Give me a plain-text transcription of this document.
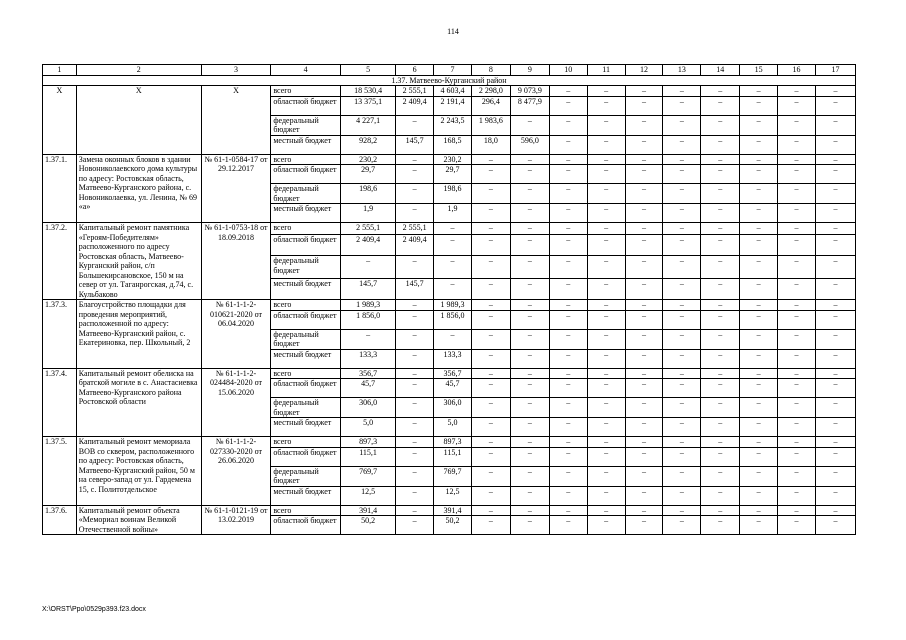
114
1	2	3	4	5	6	7	8	9	10	11	12	13	14	15	16	17
1.37. Матвеево-Курганский район																
X	X	X	всего	18 530,4	2 555,1	4 603,4	2 298,0	9 073,9	–	–	–	–	–	–	–	–
			областной бюджет	13 375,1	2 409,4	2 191,4	296,4	8 477,9	–	–	–	–	–	–	–	–
			федеральный бюджет	4 227,1	–	2 243,5	1 983,6	–	–	–	–	–	–	–	–	–
			местный бюджет	928,2	145,7	168,5	18,0	596,0	–	–	–	–	–	–	–	–
1.37.1.	Замена оконных блоков в здании Новониколаевского дома культуры по адресу: Ростовская область, Матвеево-Курганского района, с. Новониколаевка, ул. Ленина, № 69 «а»	№ 61-1-0584-17 от 29.12.2017	всего	230,2	–	230,2	–	–	–	–	–	–	–	–	–	–
			областной бюджет	29,7	–	29,7	–	–	–	–	–	–	–	–	–	–
			федеральный бюджет	198,6	–	198,6	–	–	–	–	–	–	–	–	–	–
			местный бюджет	1,9	–	1,9	–	–	–	–	–	–	–	–	–	–
1.37.2.	Капитальный ремонт памятника «Героям-Победителям» расположенного по адресу Ростовская область, Матвеево-Курганский район, с/п Большекирсановское, 150 м на север от ул. Таганрогская, д.74, с. Кульбаково	№ 61-1-0753-18 от 18.09.2018	всего	2 555,1	2 555,1	–	–	–	–	–	–	–	–	–	–	–
			областной бюджет	2 409,4	2 409,4	–	–	–	–	–	–	–	–	–	–	–
			федеральный бюджет	–	–	–	–	–	–	–	–	–	–	–	–	–
			местный бюджет	145,7	145,7	–	–	–	–	–	–	–	–	–	–	–
1.37.3.	Благоустройство площадки для проведения мероприятий, расположенной по адресу: Матвеево-Курганский район, с. Екатериновка, пер. Школьный, 2	№ 61-1-1-2-010621-2020 от 06.04.2020	всего	1 989,3	–	1 989,3	–	–	–	–	–	–	–	–	–	–
			областной бюджет	1 856,0	–	1 856,0	–	–	–	–	–	–	–	–	–	–
			федеральный бюджет	–	–	–	–	–	–	–	–	–	–	–	–	–
			местный бюджет	133,3	–	133,3	–	–	–	–	–	–	–	–	–	–
1.37.4.	Капитальный ремонт обелиска на братской могиле в с. Анастасиевка Матвеево-Курганского района Ростовской области	№ 61-1-1-2-024484-2020 от 15.06.2020	всего	356,7	–	356,7	–	–	–	–	–	–	–	–	–	–
			областной бюджет	45,7	–	45,7	–	–	–	–	–	–	–	–	–	–
			федеральный бюджет	306,0	–	306,0	–	–	–	–	–	–	–	–	–	–
			местный бюджет	5,0	–	5,0	–	–	–	–	–	–	–	–	–	–
1.37.5.	Капитальный ремонт мемориала ВОВ со сквером, расположенного по адресу: Ростовская область, Матвеево-Курганский район, 50 м на северо-запад от ул. Гардемена 15, с. Политотдельское	№ 61-1-1-2-027330-2020 от 26.06.2020	всего	897,3	–	897,3	–	–	–	–	–	–	–	–	–	–
			областной бюджет	115,1	–	115,1	–	–	–	–	–	–	–	–	–	–
			федеральный бюджет	769,7	–	769,7	–	–	–	–	–	–	–	–	–	–
			местный бюджет	12,5	–	12,5	–	–	–	–	–	–	–	–	–	–
1.37.6.	Капитальный ремонт объекта «Мемориал воинам Великой Отечественной войны»	№ 61-1-0121-19 от 13.02.2019	всего	391,4	–	391,4	–	–	–	–	–	–	–	–	–	–
			областной бюджет	50,2	–	50,2	–	–	–	–	–	–	–	–	–	–
X:\ORST\Ppo\0529p393.f23.docx
